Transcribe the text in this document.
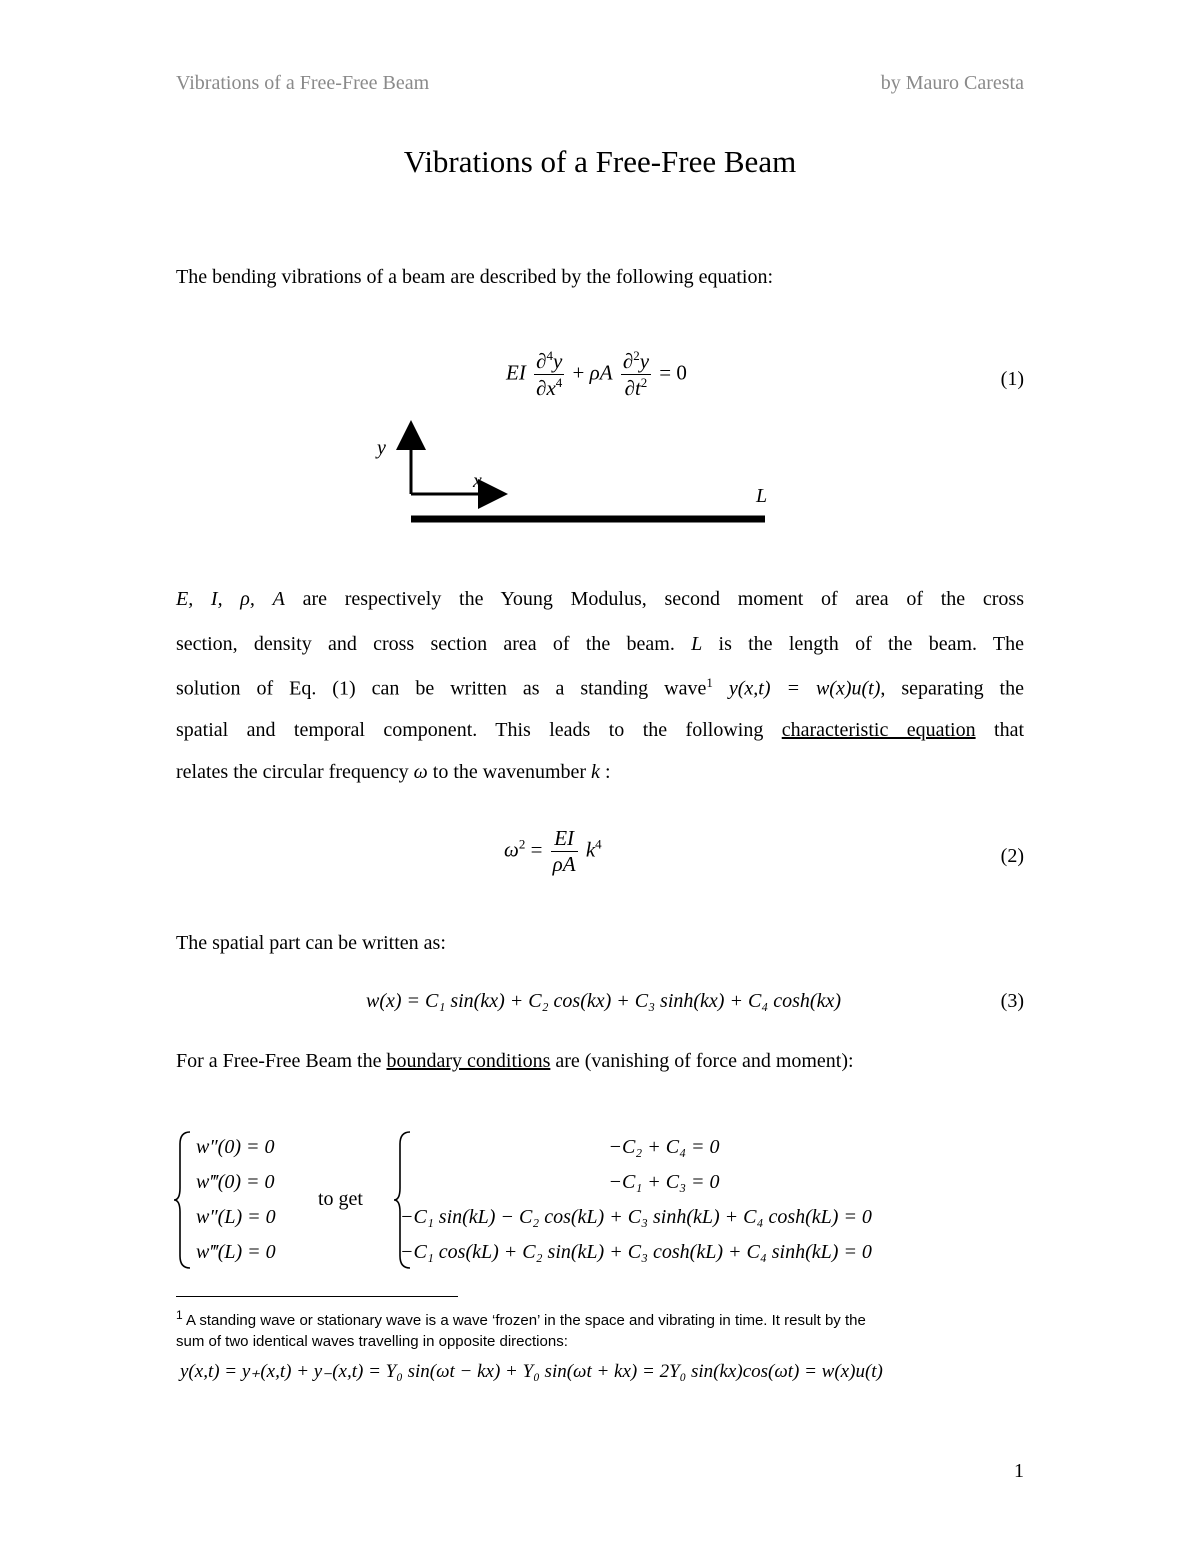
Vibrations of a Free-Free Beam	by Mauro Caresta
Vibrations of a Free-Free Beam
The bending vibrations of a beam are described by the following equation:
EI $\frac{\partial^4y}{\partial x^4} + \rho A \frac{\partial^2y}{\partial t^2} = 0$	(1)
y
x
L
E, I, ρ, A are respectively the Young Modulus, second moment of area of the cross
section, density and cross section area of the beam. L is the length of the beam. The
solution of Eq. (1) can be written as a standing wave$^1$ y(x,t) = w(x)u(t), separating the
spatial and temporal component. This leads to the following characteristic equation that
relates the circular frequency ω to the wavenumber k :
$\omega^2 = \frac{EI}{\rho A} k^4$
(2)
The spatial part can be written as:
w(x) = C₁ sin(kx) + C₂ cos(kx) + C₃ sinh(kx) + C₄ cosh(kx)	(3)
For a Free-Free Beam the boundary conditions are (vanishing of force and moment):
w″(0) = 0
w‴(0) = 0
w″(L) = 0
w‴(L) = 0
to get
−C₂ + C₄ = 0
−C₁ + C₃ = 0
−C₁ sin(kL) − C₂ cos(kL) + C₃ sinh(kL) + C₄ cosh(kL) = 0
−C₁ cos(kL) + C₂ sin(kL) + C₃ cosh(kL) + C₄ sinh(kL) = 0
$^1$ A standing wave or stationary wave is a wave ‘frozen’ in the space and vibrating in time. It result by the
sum of two identical waves travelling in opposite directions:
y(x,t) = y₊(x,t) + y₋(x,t) = Y₀ sin(ωt − kx) + Y₀ sin(ωt + kx) = 2Y₀ sin(kx)cos(ωt) = w(x)u(t)
1
